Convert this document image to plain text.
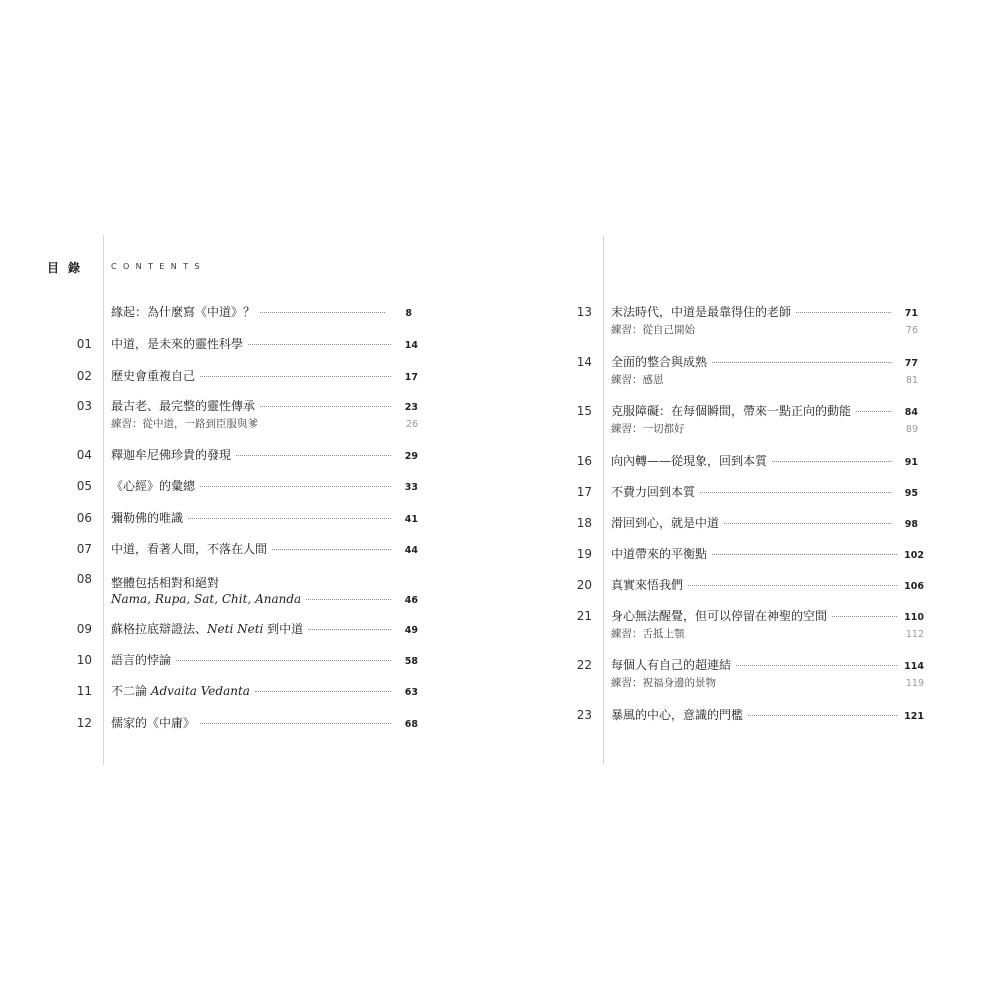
目錄	CONTENTS
緣起：為什麼寫《中道》？	8
01 中道，是未來的靈性科學	14
02 歷史會重複自己	17
03 最古老、最完整的靈性傳承	23
練習：從中道，一路到臣服與爹	26
04 釋迦牟尼佛珍貴的發現	29
05 《心經》的彙總	33
06 彌勒佛的唯識	41
07 中道，看著人間，不落在人間	44
08 整體包括相對和絕對
Nama, Rupa, Sat, Chit, Ananda	46
09 蘇格拉底辯證法、Neti Neti 到中道	49
10 語言的悖論	58
11 不二論 Advaita Vedanta	63
12 儒家的《中庸》	68
13 末法時代，中道是最靠得住的老師	71
練習：從自己開始	76
14 全面的整合與成熟	77
練習：感恩	81
15 克服障礙：在每個瞬間，帶來一點正向的動能	84
練習：一切都好	89
16 向內轉——從現象，回到本質	91
17 不費力回到本質	95
18 滑回到心，就是中道	98
19 中道帶來的平衡點	102
20 真實來悟我們	106
21 身心無法醒覺，但可以停留在神聖的空間	110
練習：舌抵上顎	112
22 每個人有自己的超連結	114
練習：祝福身邊的景物	119
23 暴風的中心，意識的門檻	121
